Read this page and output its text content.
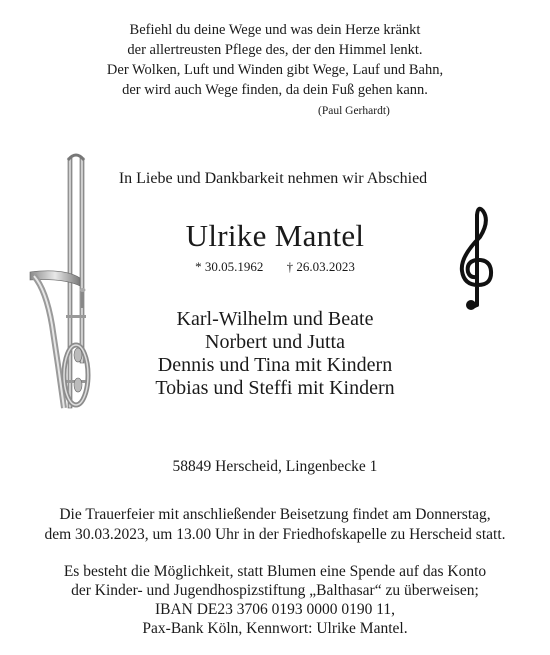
Befiehl du deine Wege und was dein Herze kränkt
der allertreusten Pflege des, der den Himmel lenkt.
Der Wolken, Luft und Winden gibt Wege, Lauf und Bahn,
der wird auch Wege finden, da dein Fuß gehen kann.
(Paul Gerhardt)
In Liebe und Dankbarkeit nehmen wir Abschied
Ulrike Mantel
* 30.05.1962 † 26.03.2023
Karl-Wilhelm und Beate
Norbert und Jutta
Dennis und Tina mit Kindern
Tobias und Steffi mit Kindern
58849 Herscheid, Lingenbecke 1
Die Trauerfeier mit anschließender Beisetzung findet am Donnerstag,
dem 30.03.2023, um 13.00 Uhr in der Friedhofskapelle zu Herscheid statt.
Es besteht die Möglichkeit, statt Blumen eine Spende auf das Konto
der Kinder- und Jugendhospizstiftung „Balthasar“ zu überweisen;
IBAN DE23 3706 0193 0000 0190 11,
Pax-Bank Köln, Kennwort: Ulrike Mantel.
